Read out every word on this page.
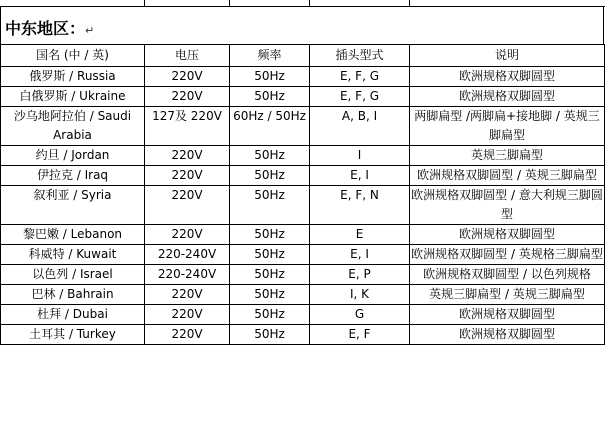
中东地区：↵
国名 (中 / 英)	电压	频率	插头型式	说明
俄罗斯 / Russia	220V	50Hz	E, F, G	欧洲规格双脚圆型
白俄罗斯 / Ukraine	220V	50Hz	E, F, G	欧洲规格双脚圆型
沙乌地阿拉伯 / Saudi Arabia	127及 220V	60Hz / 50Hz	A, B, I	两脚扁型 /两脚扁+接地脚 / 英规三脚扁型
约旦 / Jordan	220V	50Hz	I	英规三脚扁型
伊拉克 / Iraq	220V	50Hz	E, I	欧洲规格双脚圆型 / 英规三脚扁型
叙利亚 / Syria	220V	50Hz	E, F, N	欧洲规格双脚圆型 / 意大利规三脚圆型
黎巴嫩 / Lebanon	220V	50Hz	E	欧洲规格双脚圆型
科威特 / Kuwait	220-240V	50Hz	E, I	欧洲规格双脚圆型 / 英规格三脚扁型
以色列 / Israel	220-240V	50Hz	E, P	欧洲规格双脚圆型 / 以色列规格
巴林 / Bahrain	220V	50Hz	I, K	英规三脚扁型 / 英规三脚扁型
杜拜 / Dubai	220V	50Hz	G	欧洲规格双脚圆型
土耳其 / Turkey	220V	50Hz	E, F	欧洲规格双脚圆型
